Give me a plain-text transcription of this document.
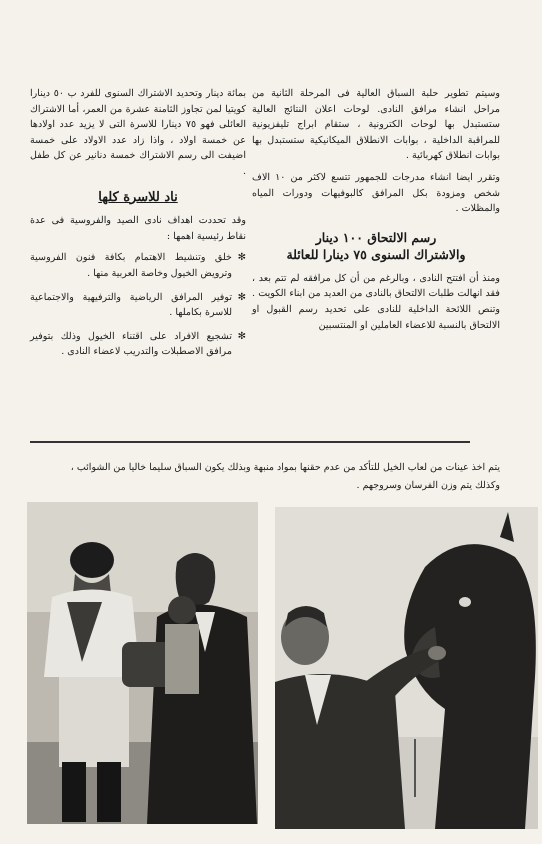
وسيتم تطوير حلبة السباق العالية فى المرحلة الثانية من مراحل انشاء مرافق النادى. لوحات اعلان النتائج العالية ستستبدل بها لوحات الكترونية ، ستقام ابراج تليفزيونية للمراقبة الداخلية ، بوابات الانطلاق الميكانيكية ستستبدل بها بوابات انطلاق كهربائية .

وتقرر ايضا انشاء مدرجات للجمهور تتسع لاكثر من ١٠ الاف شخص ومزودة بكل المرافق كالبوفيهات ودورات المياه والمظلات .

رسم الالتحاق ١٠٠ دينار
والاشتراك السنوى ٧٥ دينارا للعائلة

ومنذ أن افتتح النادى ، وبالرغم من أن كل مرافقه لم تتم بعد ، فقد انهالت طلبات الالتحاق بالنادى من العديد من ابناء الكويت . وتنص اللائحة الداخلية للنادى على تحديد رسم القبول او الالتحاق بالنسبة للاعضاء العاملين او المنتسبين

بمائة دينار وتحديد الاشتراك السنوى للفرد ب ٥٠ دينارا كويتيا لمن تجاوز الثامنة عشرة من العمر، أما الاشتراك العائلى فهو ٧٥ دينارا للاسرة التى لا يزيد عدد اولادها عن خمسة اولاد ، واذا زاد عدد الاولاد على خمسة اضيفت الى رسم الاشتراك خمسة دنانير عن كل طفل .

ناد للاسرة كلها

وقد تحددت اهداف نادى الصيد والفروسية فى عدة نقاط رئيسية اهمها :

✻
خلق وتنشيط الاهتمام بكافة فنون الفروسية وترويض الخيول وخاصة العربية منها .
✻
توفير المرافق الرياضية والترفيهية والاجتماعية للاسرة بكاملها .
✻
تشجيع الافراد على اقتناء الخيول وذلك بتوفير مرافق الاصطبلات والتدريب لاعضاء النادى .
يتم اخذ عينات من لعاب الخيل للتأكد من عدم حقنها بمواد منبهة وبذلك يكون السباق سليما خاليا من الشوائب ، وكذلك يتم وزن الفرسان وسروجهم .
